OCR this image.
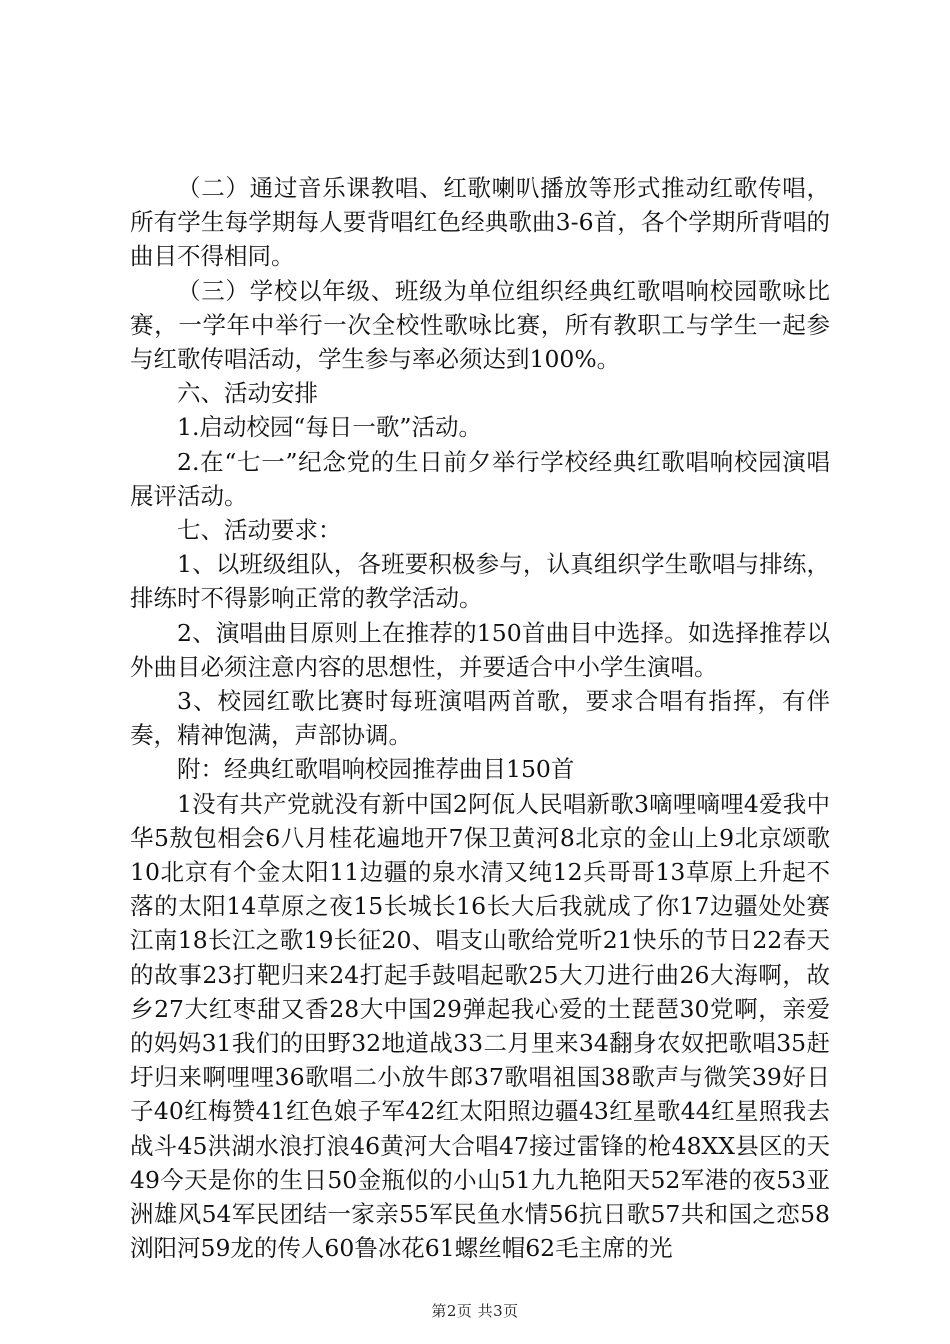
（二）通过音乐课教唱、红歌喇叭播放等形式推动红歌传唱，所有学生每学期每人要背唱红色经典歌曲3-6首，各个学期所背唱的曲目不得相同。

（三）学校以年级、班级为单位组织经典红歌唱响校园歌咏比赛，一学年中举行一次全校性歌咏比赛，所有教职工与学生一起参与红歌传唱活动，学生参与率必须达到100%。

六、活动安排

1.启动校园“每日一歌”活动。

2.在“七一”纪念党的生日前夕举行学校经典红歌唱响校园演唱展评活动。

七、活动要求：

1、以班级组队，各班要积极参与，认真组织学生歌唱与排练，排练时不得影响正常的教学活动。

2、演唱曲目原则上在推荐的150首曲目中选择。如选择推荐以外曲目必须注意内容的思想性，并要适合中小学生演唱。

3、校园红歌比赛时每班演唱两首歌，要求合唱有指挥，有伴奏，精神饱满，声部协调。

附：经典红歌唱响校园推荐曲目150首

1没有共产党就没有新中国2阿佤人民唱新歌3嘀哩嘀哩4爱我中华5敖包相会6八月桂花遍地开7保卫黄河8北京的金山上9北京颂歌10北京有个金太阳11边疆的泉水清又纯12兵哥哥13草原上升起不落的太阳14草原之夜15长城长16长大后我就成了你17边疆处处赛江南18长江之歌19长征20、唱支山歌给党听21快乐的节日22春天的故事23打靶归来24打起手鼓唱起歌25大刀进行曲26大海啊，故乡27大红枣甜又香28大中国29弹起我心爱的土琵琶30党啊，亲爱的妈妈31我们的田野32地道战33二月里来34翻身农奴把歌唱35赶圩归来啊哩哩36歌唱二小放牛郎37歌唱祖国38歌声与微笑39好日子40红梅赞41红色娘子军42红太阳照边疆43红星歌44红星照我去战斗45洪湖水浪打浪46黄河大合唱47接过雷锋的枪48XX县区的天49今天是你的生日50金瓶似的小山51九九艳阳天52军港的夜53亚洲雄风54军民团结一家亲55军民鱼水情56抗日歌57共和国之恋58浏阳河59龙的传人60鲁冰花61螺丝帽62毛主席的光

第2页 共3页
